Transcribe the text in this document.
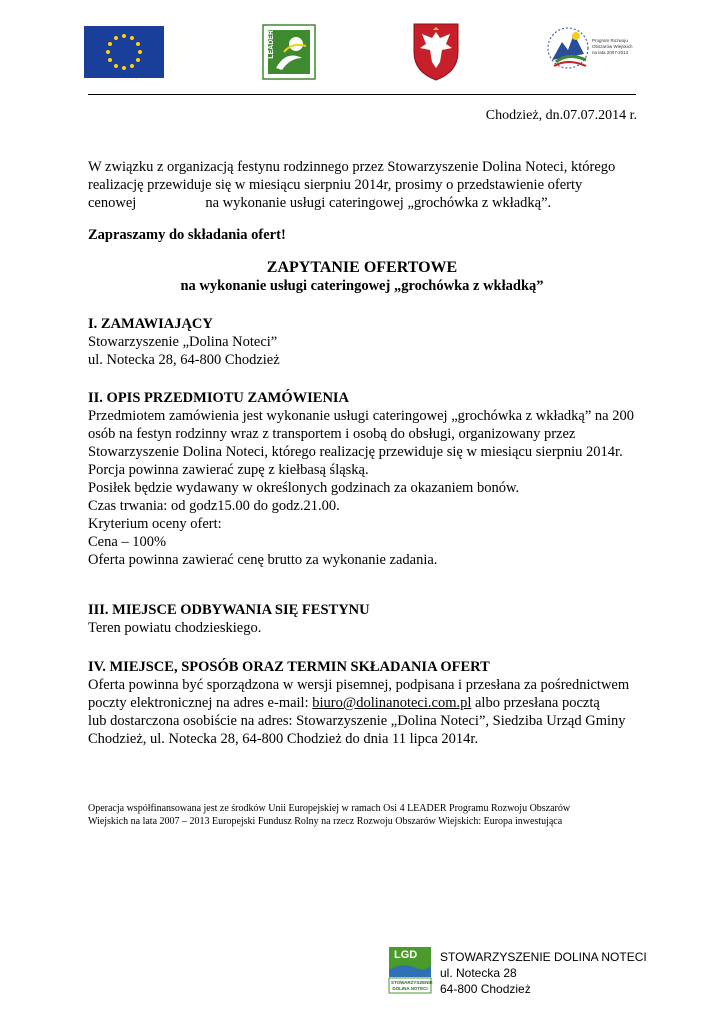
LEADER	Program Rozwoju Obszarów Wiejskich na lata 2007-2013
Chodzież, dn.07.07.2014 r.
W związku z organizacją festynu rodzinnego przez Stowarzyszenie Dolina Noteci, którego
realizację przewiduje się w miesiącu sierpniu 2014r, prosimy o przedstawienie oferty
cenowej	na wykonanie usługi cateringowej „grochówka z wkładką”.
Zapraszamy do składania ofert!
ZAPYTANIE OFERTOWE
na wykonanie usługi cateringowej „grochówka z wkładką”
I. ZAMAWIAJĄCY
Stowarzyszenie „Dolina Noteci”
ul. Notecka 28, 64-800 Chodzież
II. OPIS PRZEDMIOTU ZAMÓWIENIA
Przedmiotem zamówienia jest wykonanie usługi cateringowej „grochówka z wkładką” na 200
osób na festyn rodzinny wraz z transportem i osobą do obsługi, organizowany przez
Stowarzyszenie Dolina Noteci, którego realizację przewiduje się w miesiącu sierpniu 2014r.
Porcja powinna zawierać zupę z kiełbasą śląską.
Posiłek będzie wydawany w określonych godzinach za okazaniem bonów.
Czas trwania: od godz15.00 do godz.21.00.
Kryterium oceny ofert:
Cena – 100%
Oferta powinna zawierać cenę brutto za wykonanie zadania.
III. MIEJSCE ODBYWANIA SIĘ FESTYNU
Teren powiatu chodzieskiego.
IV. MIEJSCE, SPOSÓB ORAZ TERMIN SKŁADANIA OFERT
Oferta powinna być sporządzona w wersji pisemnej, podpisana i przesłana za pośrednictwem
poczty elektronicznej na adres e-mail: biuro@dolinanoteci.com.pl albo przesłana pocztą
lub dostarczona osobiście na adres: Stowarzyszenie „Dolina Noteci”, Siedziba Urząd Gminy
Chodzież, ul. Notecka 28, 64-800 Chodzież do dnia 11 lipca 2014r.
Operacja współfinansowana jest ze środków Unii Europejskiej w ramach Osi 4 LEADER Programu Rozwoju Obszarów
Wiejskich na lata 2007 – 2013 Europejski Fundusz Rolny na rzecz Rozwoju Obszarów Wiejskich: Europa inwestująca
LGD
STOWARZYSZENIE DOLINA NOTECI
STOWARZYSZENIE DOLINA NOTECI
ul. Notecka 28
64-800 Chodzież
